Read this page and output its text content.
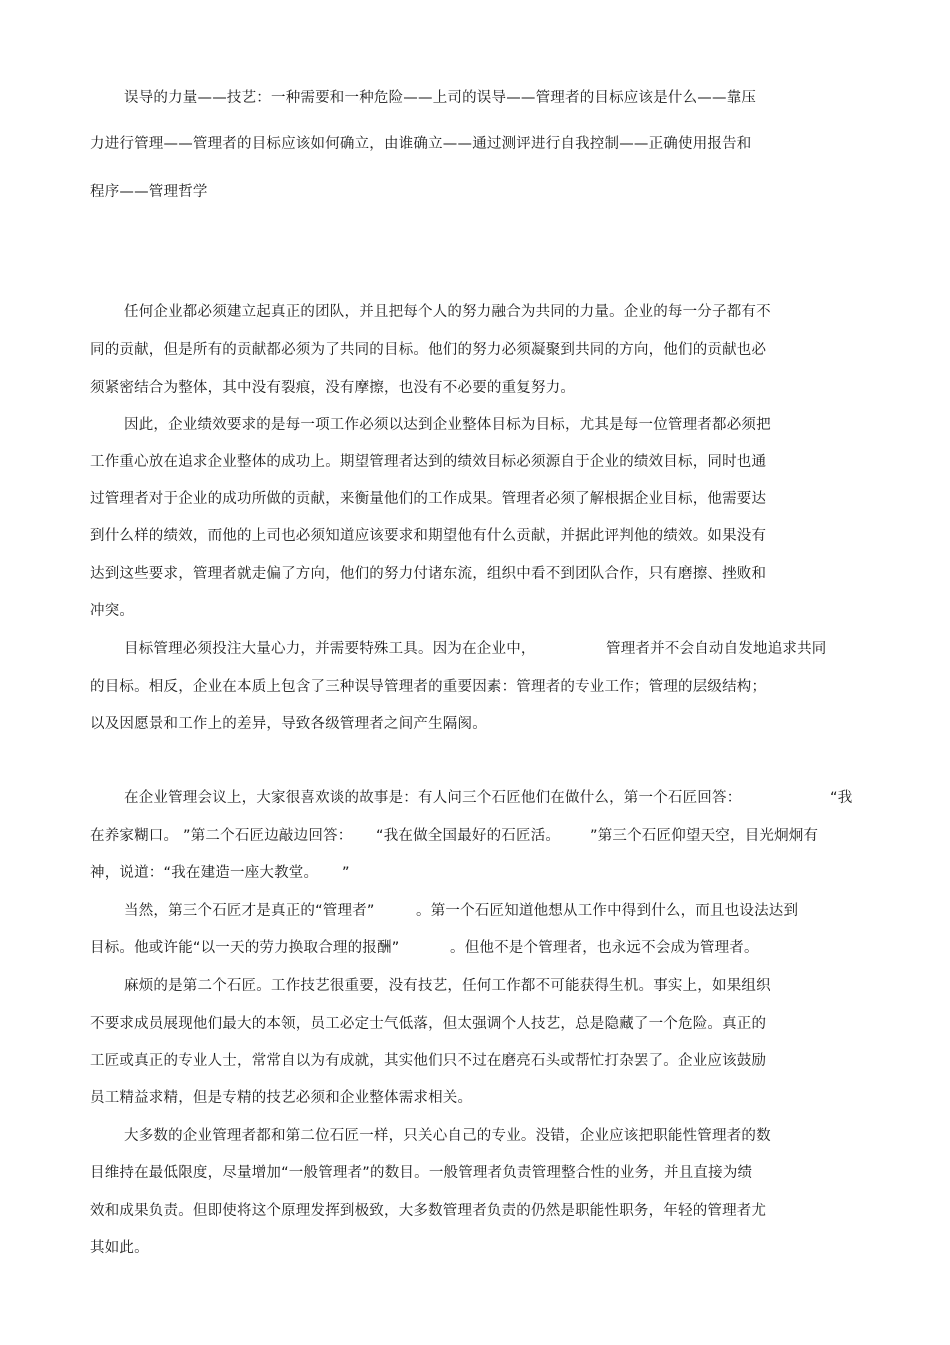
误导的力量——技艺：一种需要和一种危险——上司的误导——管理者的目标应该是什么——靠压

力进行管理——管理者的目标应该如何确立，由谁确立——通过测评进行自我控制——正确使用报告和

程序——管理哲学

任何企业都必须建立起真正的团队，并且把每个人的努力融合为共同的力量。企业的每一分子都有不

同的贡献，但是所有的贡献都必须为了共同的目标。他们的努力必须凝聚到共同的方向，他们的贡献也必

须紧密结合为整体，其中没有裂痕，没有摩擦，也没有不必要的重复努力。

因此，企业绩效要求的是每一项工作必须以达到企业整体目标为目标，尤其是每一位管理者都必须把

工作重心放在追求企业整体的成功上。期望管理者达到的绩效目标必须源自于企业的绩效目标，同时也通

过管理者对于企业的成功所做的贡献，来衡量他们的工作成果。管理者必须了解根据企业目标，他需要达

到什么样的绩效，而他的上司也必须知道应该要求和期望他有什么贡献，并据此评判他的绩效。如果没有

达到这些要求，管理者就走偏了方向，他们的努力付诸东流，组织中看不到团队合作，只有磨擦、挫败和

冲突。

目标管理必须投注大量心力，并需要特殊工具。因为在企业中，	管理者并不会自动自发地追求共同

的目标。相反，企业在本质上包含了三种误导管理者的重要因素：管理者的专业工作；管理的层级结构；

以及因愿景和工作上的差异，导致各级管理者之间产生隔阂。

在企业管理会议上，大家很喜欢谈的故事是：有人问三个石匠他们在做什么，第一个石匠回答：	“我

在养家糊口。 ”第二个石匠边敲边回答： “我在做全国最好的石匠活。 ”第三个石匠仰望天空，目光炯炯有

神，说道：“我在建造一座大教堂。 ”

当然，第三个石匠才是真正的“管理者”	。第一个石匠知道他想从工作中得到什么，而且也设法达到

目标。他或许能“以一天的劳力换取合理的报酬”	。但他不是个管理者，也永远不会成为管理者。

麻烦的是第二个石匠。工作技艺很重要，没有技艺，任何工作都不可能获得生机。事实上，如果组织

不要求成员展现他们最大的本领，员工必定士气低落，但太强调个人技艺，总是隐藏了一个危险。真正的

工匠或真正的专业人士，常常自以为有成就，其实他们只不过在磨亮石头或帮忙打杂罢了。企业应该鼓励

员工精益求精，但是专精的技艺必须和企业整体需求相关。

大多数的企业管理者都和第二位石匠一样，只关心自己的专业。没错，企业应该把职能性管理者的数

目维持在最低限度，尽量增加“一般管理者”的数目。一般管理者负责管理整合性的业务，并且直接为绩

效和成果负责。但即使将这个原理发挥到极致，大多数管理者负责的仍然是职能性职务，年轻的管理者尤

其如此。
